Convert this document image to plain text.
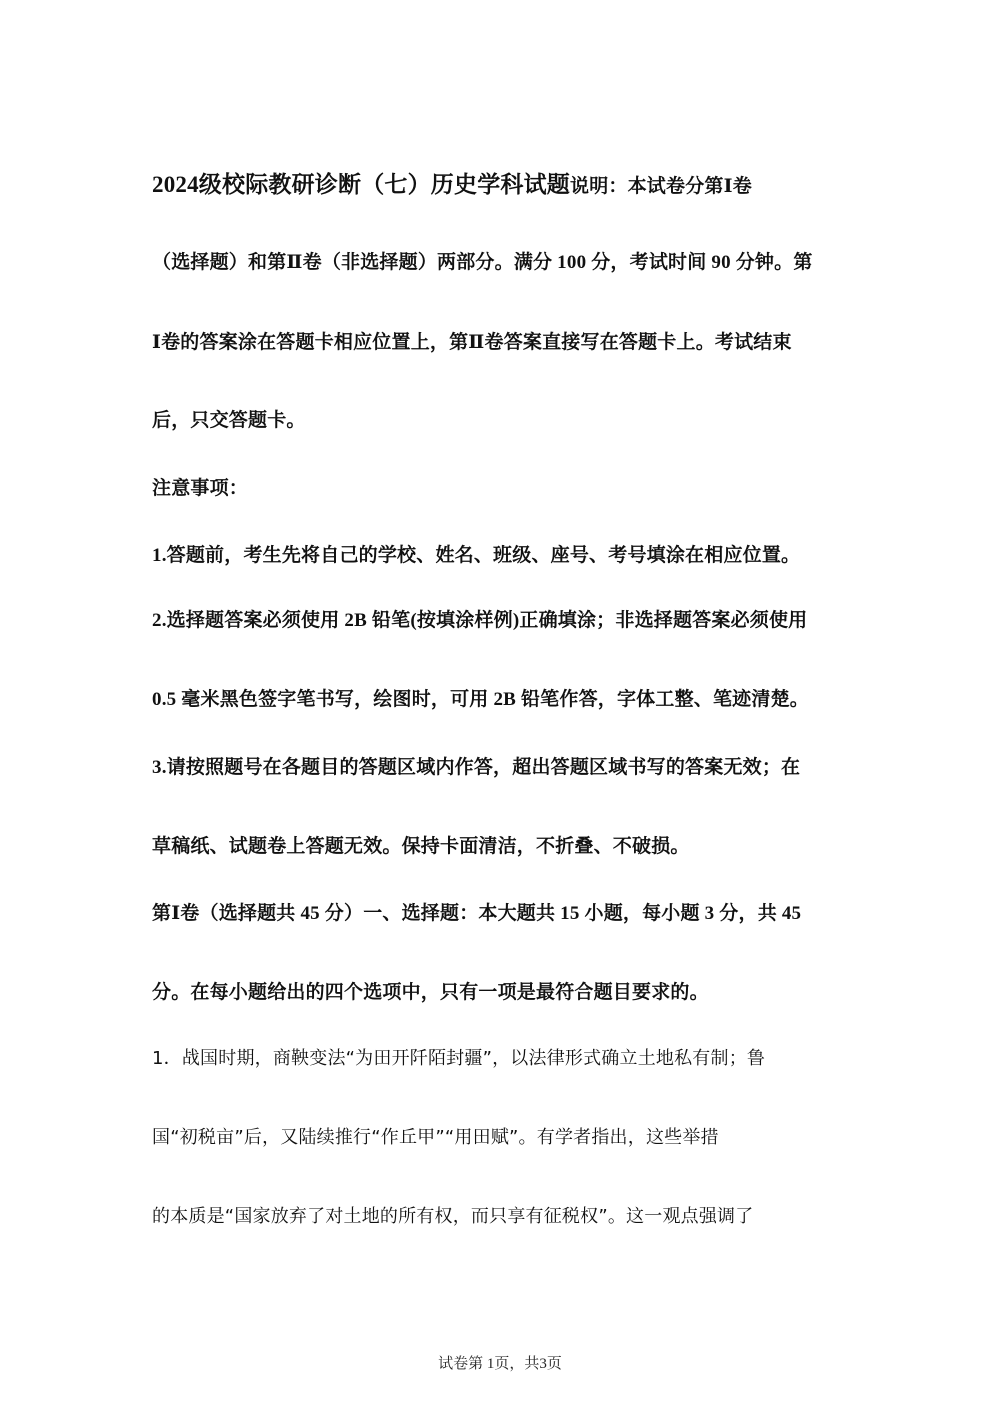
2024级校际教研诊断（七）历史学科试题说明：本试卷分第Ⅰ卷
（选择题）和第Ⅱ卷（非选择题）两部分。满分 100 分，考试时间 90 分钟。第
Ⅰ卷的答案涂在答题卡相应位置上，第Ⅱ卷答案直接写在答题卡上。考试结束
后，只交答题卡。
注意事项：
1.答题前，考生先将自己的学校、姓名、班级、座号、考号填涂在相应位置。
2.选择题答案必须使用 2B 铅笔(按填涂样例)正确填涂；非选择题答案必须使用
0.5 毫米黑色签字笔书写，绘图时，可用 2B 铅笔作答，字体工整、笔迹清楚。
3.请按照题号在各题目的答题区域内作答，超出答题区域书写的答案无效；在
草稿纸、试题卷上答题无效。保持卡面清洁，不折叠、不破损。
第Ⅰ卷（选择题共 45 分）一、选择题：本大题共 15 小题，每小题 3 分，共 45
分。在每小题给出的四个选项中，只有一项是最符合题目要求的。
1．战国时期，商鞅变法“为田开阡陌封疆”，以法律形式确立土地私有制；鲁
国“初税亩”后，又陆续推行“作丘甲”“用田赋”。有学者指出，这些举措
的本质是“国家放弃了对土地的所有权，而只享有征税权”。这一观点强调了
试卷第 1页，共3页
